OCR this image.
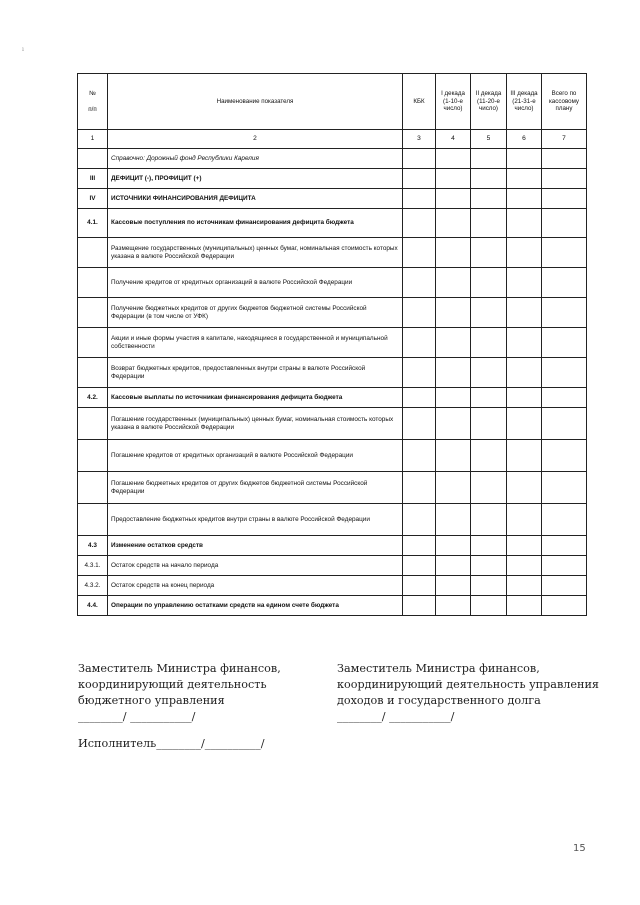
ı
№
п/п	Наименование показателя	КБК	I декада (1-10-е число)	II декада (11-20-е число)	III декада (21-31-е число)	Всего по кассовому плану
1	2	3	4	5	6	7
	Справочно: Дорожный фонд Республики Карелия					
III	ДЕФИЦИТ (-), ПРОФИЦИТ (+)					
IV	ИСТОЧНИКИ ФИНАНСИРОВАНИЯ ДЕФИЦИТА					
4.1.	Кассовые поступления по источникам финансирования дефицита бюджета					
	Размещение государственных (муниципальных) ценных бумаг, номинальная стоимость которых указана в валюте Российской Федерации					
	Получение кредитов от кредитных организаций в валюте Российской Федерации					
	Получение бюджетных кредитов от других бюджетов бюджетной системы Российской Федерации (в том числе от УФК)					
	Акции и иные формы участия в капитале, находящиеся в государственной и муниципальной собственности					
	Возврат бюджетных кредитов, предоставленных внутри страны в валюте Российской Федерации					
4.2.	Кассовые выплаты по источникам финансирования дефицита бюджета					
	Погашение государственных (муниципальных) ценных бумаг, номинальная стоимость которых указана в валюте Российской Федерации					
	Погашение кредитов от кредитных организаций в валюте Российской Федерации					
	Погашение бюджетных кредитов от других бюджетов бюджетной системы Российской Федерации					
	Предоставление бюджетных кредитов внутри страны в валюте Российской Федерации					
4.3	Изменение остатков средств					
4.3.1.	Остаток средств на начало периода					
4.3.2.	Остаток средств на конец периода					
4.4.	Операции по управлению остатками средств на едином счете бюджета					
Заместитель Министра финансов,
координирующий деятельность
бюджетного управления
________/ ___________/
Заместитель Министра финансов,
координирующий деятельность управления
доходов и государственного долга
________/ ___________/
Исполнитель________/__________/
15
